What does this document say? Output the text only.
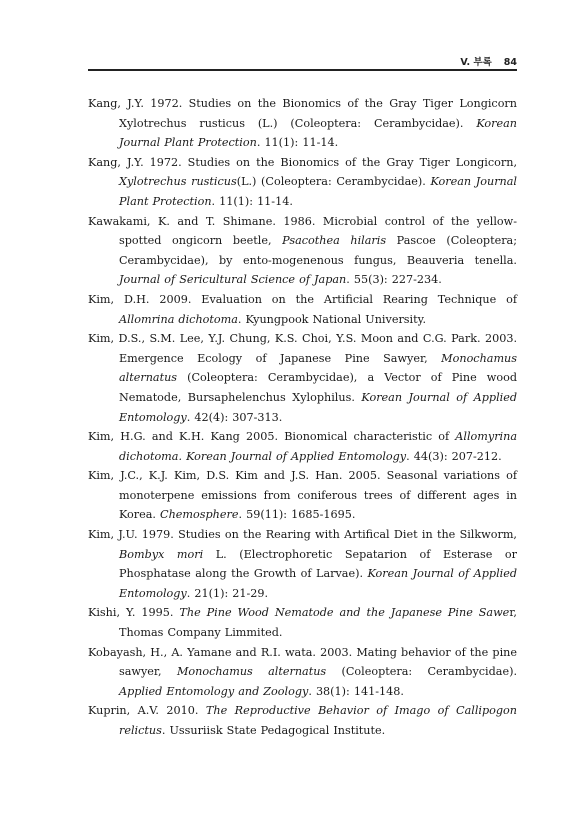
V. 부록 84

Kang, J.Y. 1972. Studies on the Bionomics of the Gray Tiger Longicorn Xylotrechus rusticus (L.) (Coleoptera: Cerambycidae). Korean Journal Plant Protection. 11(1): 11-14.

Kang, J.Y. 1972. Studies on the Bionomics of the Gray Tiger Longicorn, Xylotrechus rusticus(L.) (Coleoptera: Cerambycidae). Korean Journal Plant Protection. 11(1): 11-14.

Kawakami, K. and T. Shimane. 1986. Microbial control of the yellow-spotted ongicorn beetle, Psacothea hilaris Pascoe (Coleoptera; Cerambycidae), by ento-mogenenous fungus, Beauveria tenella. Journal of Sericultural Science of Japan. 55(3): 227-234.

Kim, D.H. 2009. Evaluation on the Artificial Rearing Technique of Allomrina dichotoma. Kyungpook National University.

Kim, D.S., S.M. Lee, Y.J. Chung, K.S. Choi, Y.S. Moon and C.G. Park. 2003. Emergence Ecology of Japanese Pine Sawyer, Monochamus alternatus (Coleoptera: Cerambycidae), a Vector of Pine wood Nematode, Bursaphelenchus Xylophilus. Korean Journal of Applied Entomology. 42(4): 307-313.

Kim, H.G. and K.H. Kang 2005. Bionomical characteristic of Allomyrina dichotoma. Korean Journal of Applied Entomology. 44(3): 207-212.

Kim, J.C., K.J. Kim, D.S. Kim and J.S. Han. 2005. Seasonal variations of monoterpene emissions from coniferous trees of different ages in Korea. Chemosphere. 59(11): 1685-1695.

Kim, J.U. 1979. Studies on the Rearing with Artifical Diet in the Silkworm, Bombyx mori L. (Electrophoretic Sepatarion of Esterase or Phosphatase along the Growth of Larvae). Korean Journal of Applied Entomology. 21(1): 21-29.

Kishi, Y. 1995. The Pine Wood Nematode and the Japanese Pine Sawer, Thomas Company Limmited.

Kobayash, H., A. Yamane and R.I. wata. 2003. Mating behavior of the pine sawyer, Monochamus alternatus (Coleoptera: Cerambycidae). Applied Entomology and Zoology. 38(1): 141-148.

Kuprin, A.V. 2010. The Reproductive Behavior of Imago of Callipogon relictus. Ussuriisk State Pedagogical Institute.
